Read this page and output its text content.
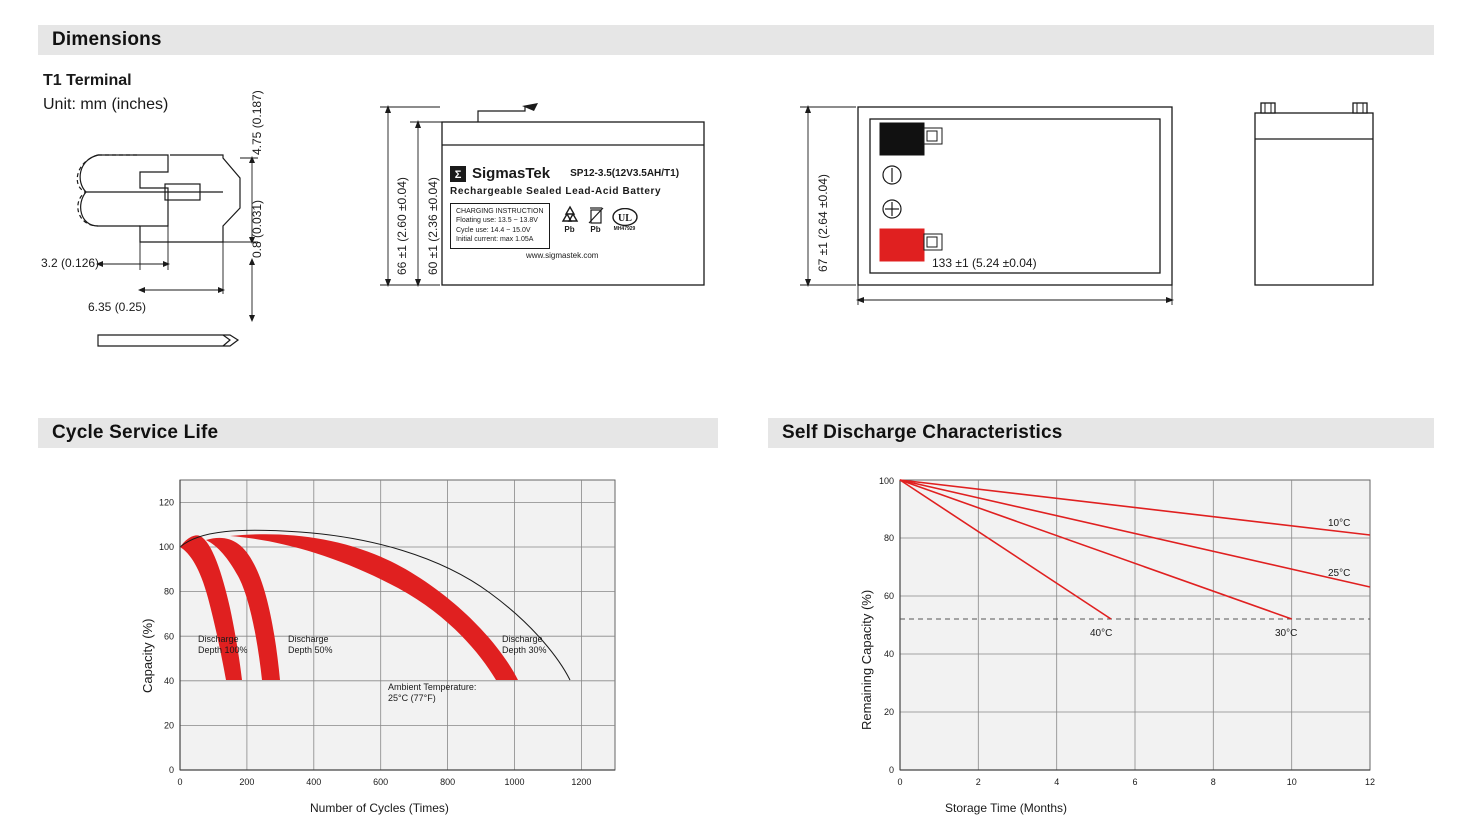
Dimensions
T1 Terminal
Unit: mm (inches)	4.75 (0.187)
3.2 (0.126)
6.35 (0.25)
0.8 (0.031)
Σ SigmasTek SP12-3.5(12V3.5AH/T1)
Rechargeable Sealed Lead-Acid Battery
CHARGING INSTRUCTION
Floating use: 13.5 ~ 13.8V
Cycle use: 14.4 ~ 15.0V
Initial current: max 1.05A
Pb	Pb
UL
MH47929
www.sigmastek.com
66 ±1 (2.60 ±0.04) 60 ±1 (2.36 ±0.04)	67 ±1 (2.64 ±0.04)	133 ±1 (5.24 ±0.04)
Cycle Service Life
0
20
40
60
80
100
120
0	200	400	600	800	1000	1200
Discharge
Depth 100%
Discharge
Depth 50%
Discharge
Depth 30%
Ambient Temperature:
25°C (77°F)
Number of Cycles (Times)
Capacity (%)
Self Discharge Characteristics
0
20
40
60
80
100
0	2	4	6	8	10	12
10°C
25°C
30°C
40°C
Storage Time (Months)
Remaining Capacity (%)
